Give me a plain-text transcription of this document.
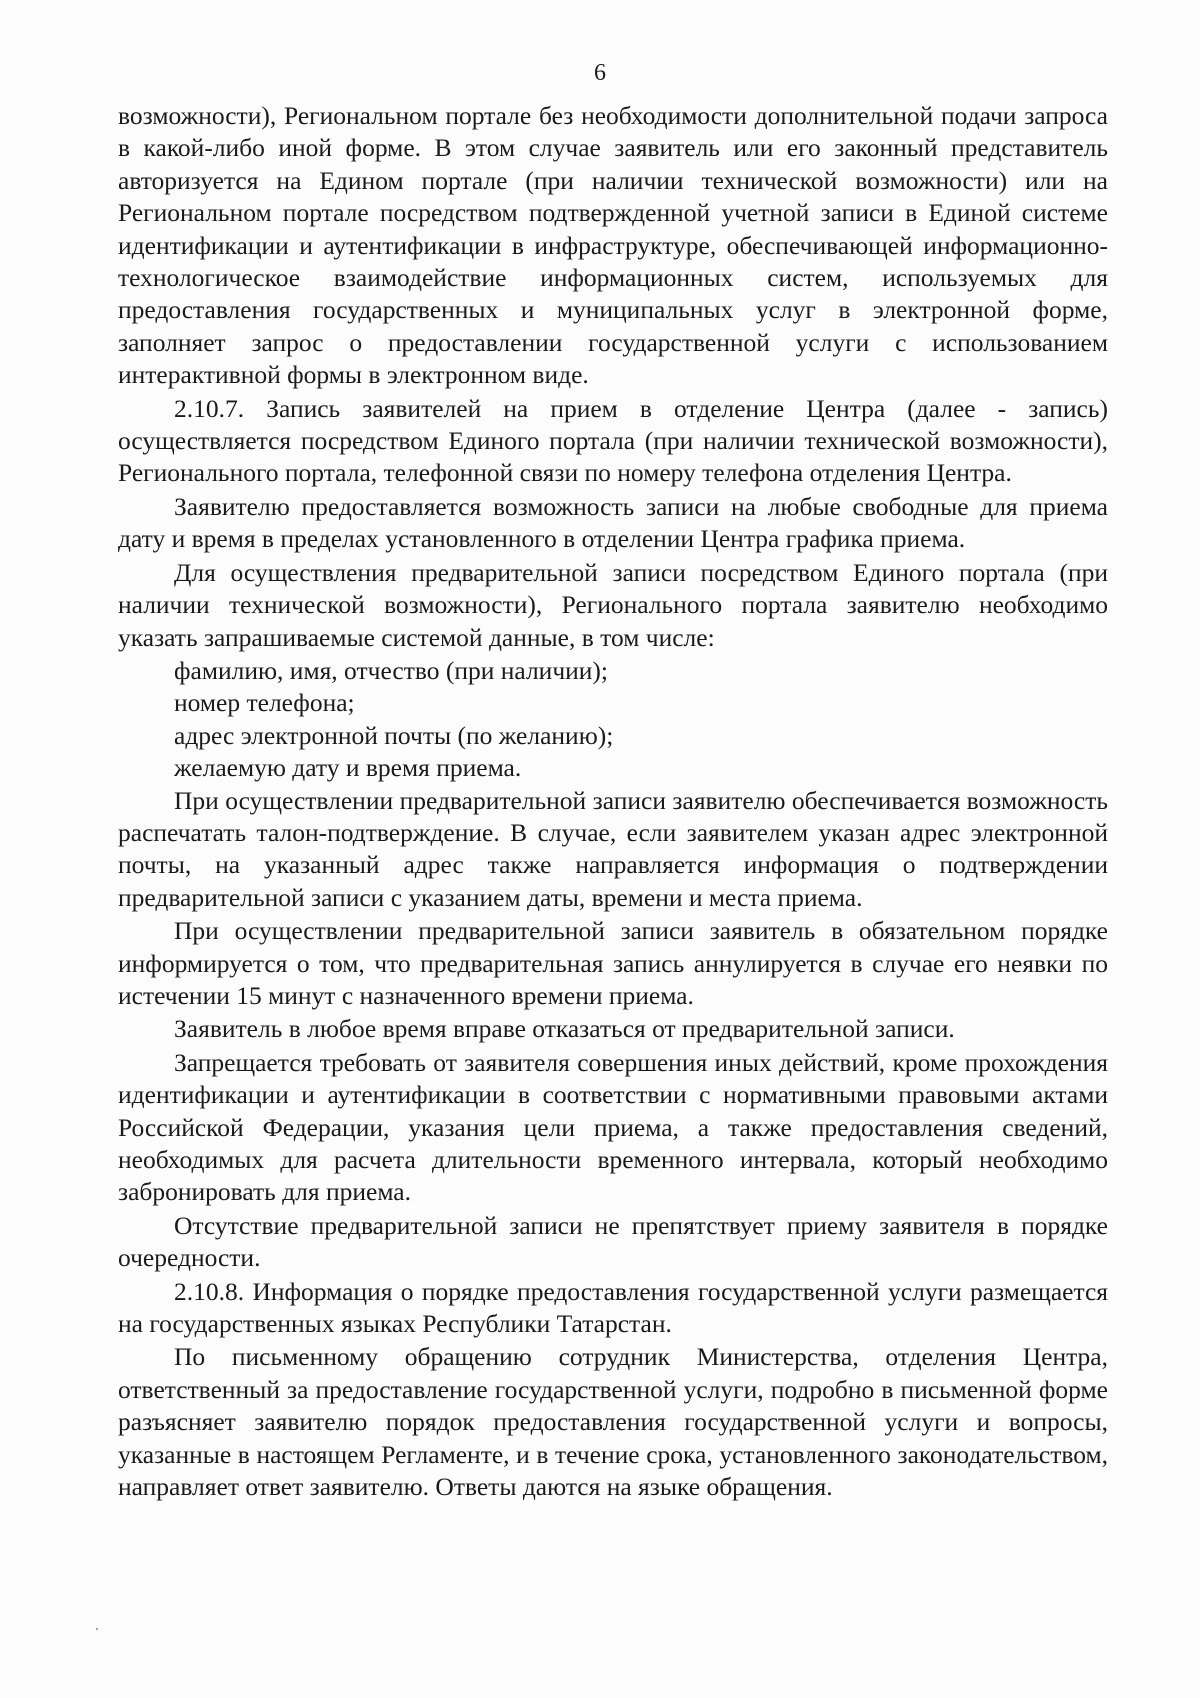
6

возможности), Региональном портале без необходимости дополнительной подачи запроса в какой-либо иной форме. В этом случае заявитель или его законный представитель авторизуется на Едином портале (при наличии технической возможности) или на Региональном портале посредством подтвержденной учетной записи в Единой системе идентификации и аутентификации в инфраструктуре, обеспечивающей информационно-технологическое взаимодействие информационных систем, используемых для предоставления государственных и муниципальных услуг в электронной форме, заполняет запрос о предоставлении государственной услуги с использованием интерактивной формы в электронном виде.

2.10.7. Запись заявителей на прием в отделение Центра (далее - запись) осуществляется посредством Единого портала (при наличии технической возможности), Регионального портала, телефонной связи по номеру телефона отделения Центра.

Заявителю предоставляется возможность записи на любые свободные для приема дату и время в пределах установленного в отделении Центра графика приема.

Для осуществления предварительной записи посредством Единого портала (при наличии технической возможности), Регионального портала заявителю необходимо указать запрашиваемые системой данные, в том числе:

фамилию, имя, отчество (при наличии);

номер телефона;

адрес электронной почты (по желанию);

желаемую дату и время приема.

При осуществлении предварительной записи заявителю обеспечивается возможность распечатать талон-подтверждение. В случае, если заявителем указан адрес электронной почты, на указанный адрес также направляется информация о подтверждении предварительной записи с указанием даты, времени и места приема.

При осуществлении предварительной записи заявитель в обязательном порядке информируется о том, что предварительная запись аннулируется в случае его неявки по истечении 15 минут с назначенного времени приема.

Заявитель в любое время вправе отказаться от предварительной записи.

Запрещается требовать от заявителя совершения иных действий, кроме прохождения идентификации и аутентификации в соответствии с нормативными правовыми актами Российской Федерации, указания цели приема, а также предоставления сведений, необходимых для расчета длительности временного интервала, который необходимо забронировать для приема.

Отсутствие предварительной записи не препятствует приему заявителя в порядке очередности.

2.10.8. Информация о порядке предоставления государственной услуги размещается на государственных языках Республики Татарстан.

По письменному обращению сотрудник Министерства, отделения Центра, ответственный за предоставление государственной услуги, подробно в письменной форме разъясняет заявителю порядок предоставления государственной услуги и вопросы, указанные в настоящем Регламенте, и в течение срока, установленного законодательством, направляет ответ заявителю. Ответы даются на языке обращения.
